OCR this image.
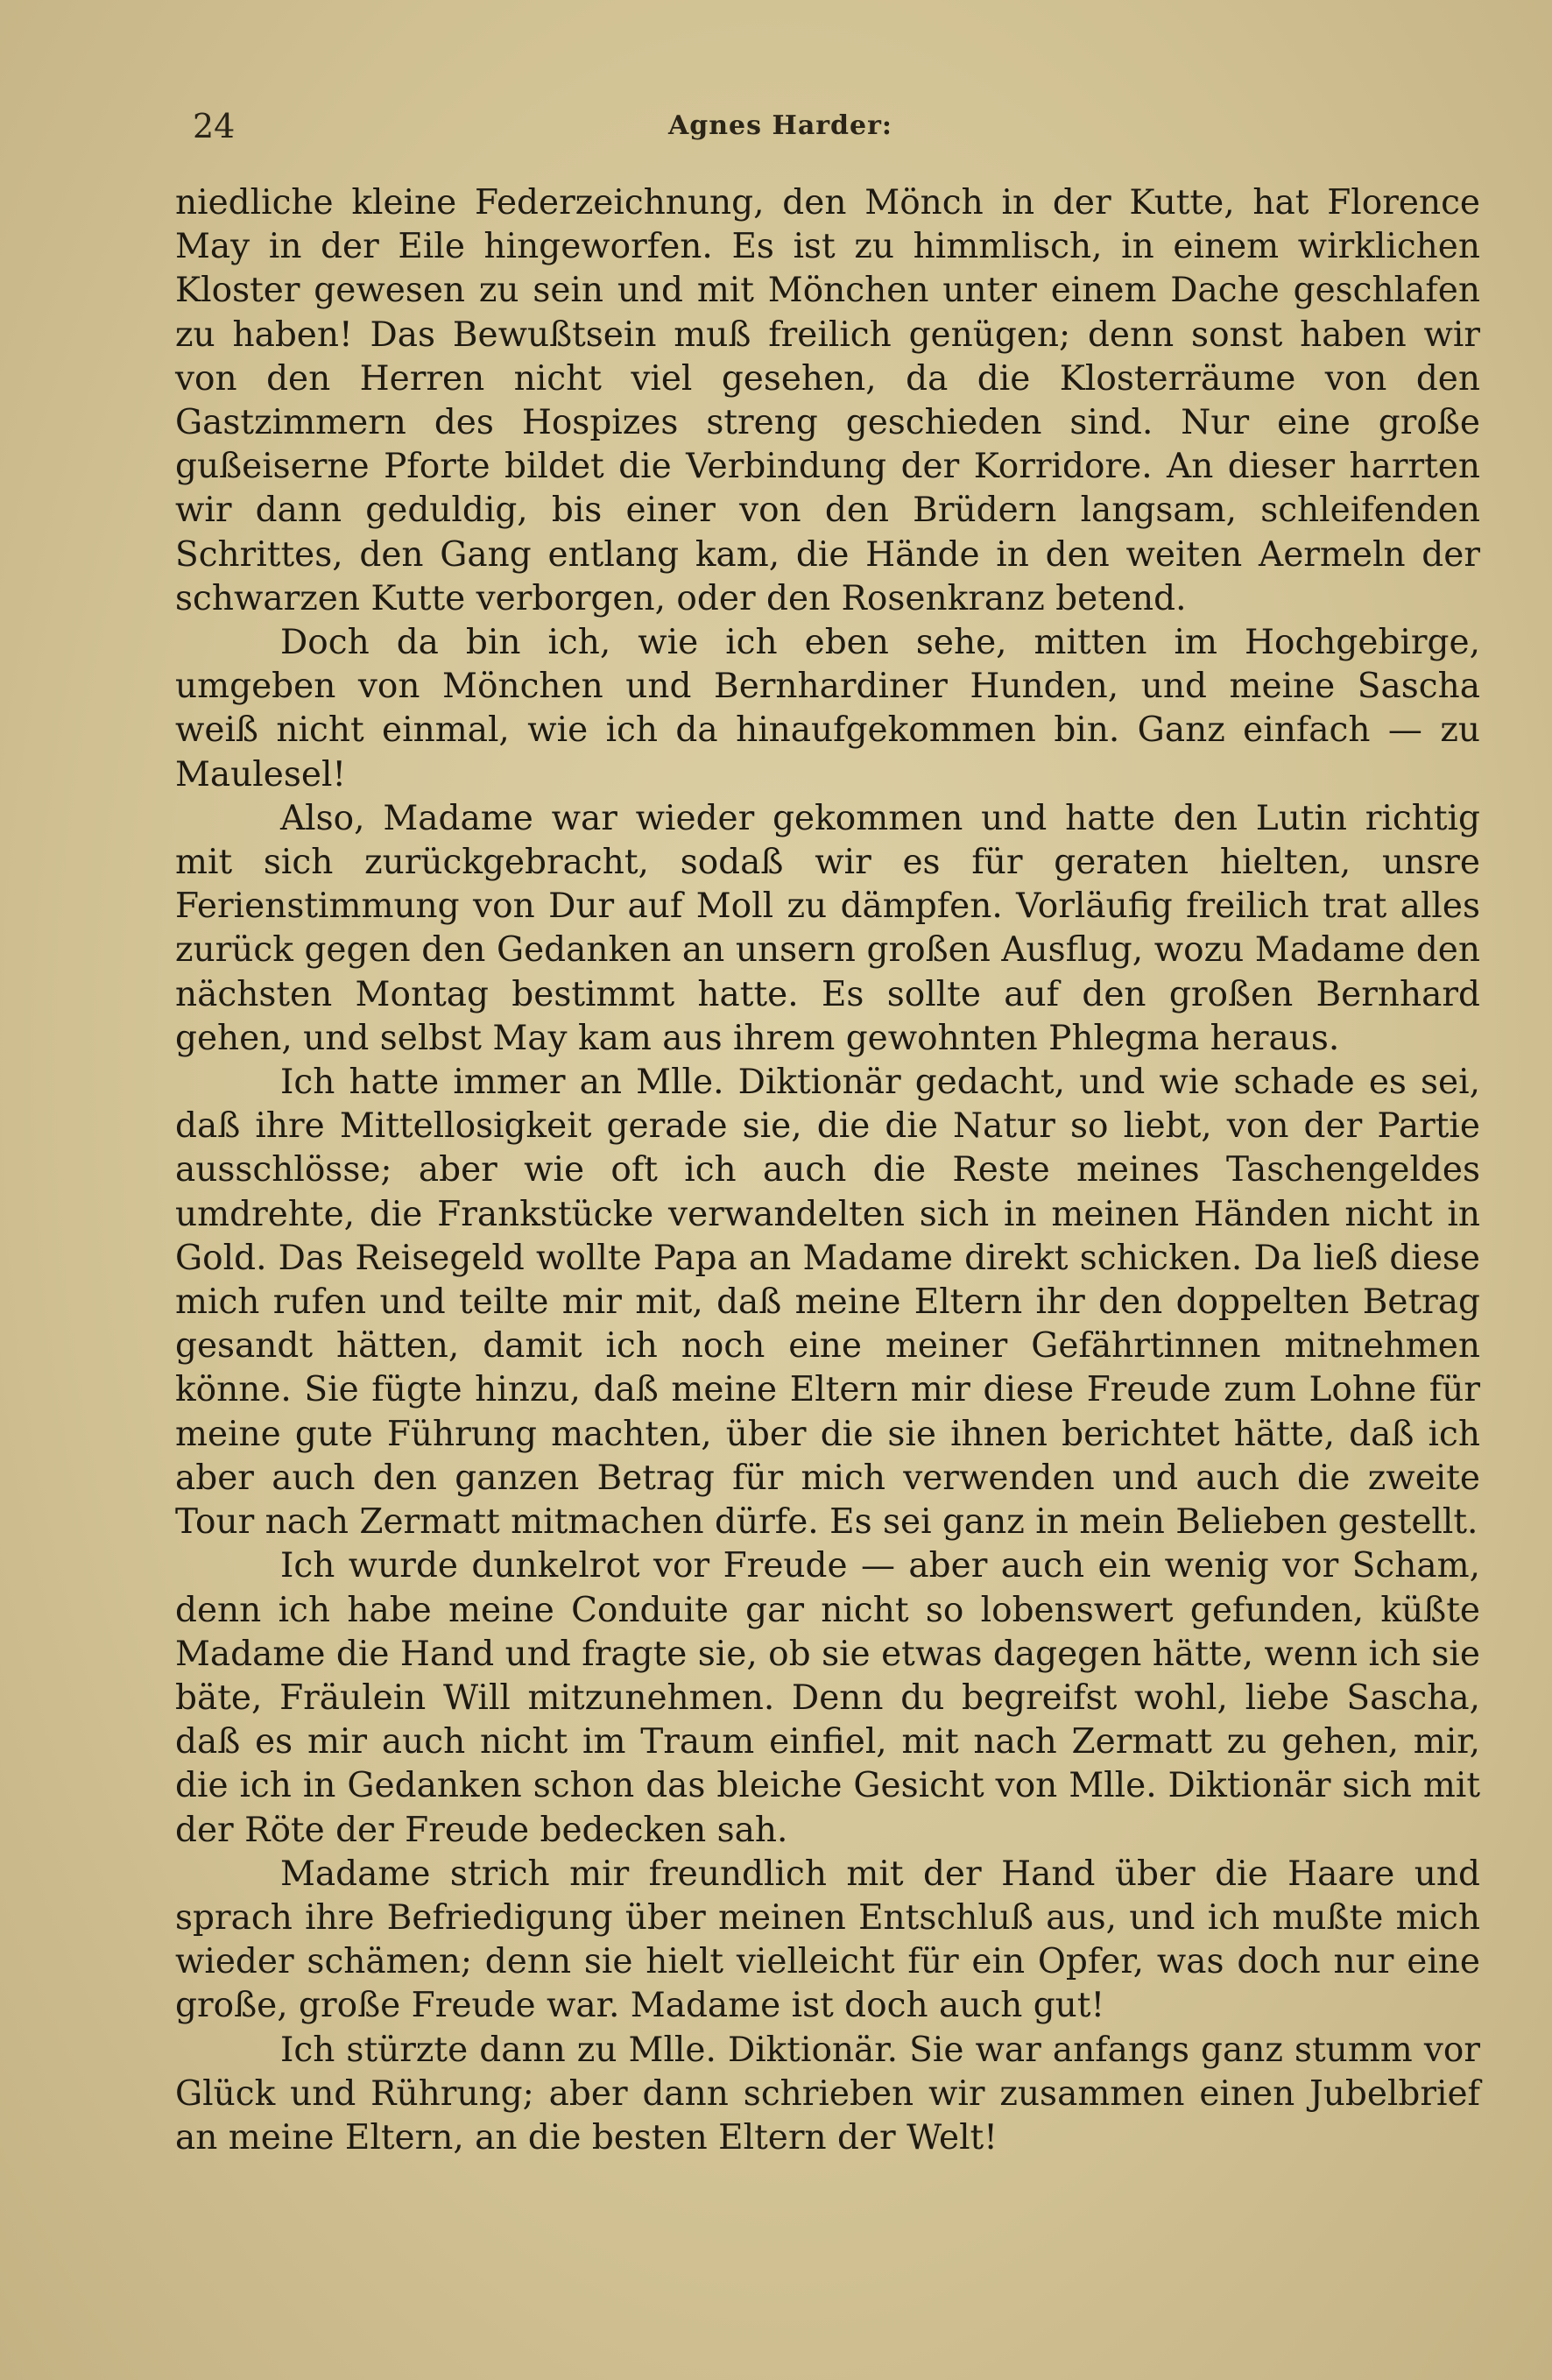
24	Agnes Harder:

niedliche kleine Federzeichnung, den Mönch in der Kutte, hat Florence May in der Eile hingeworfen. Es ist zu himmlisch, in einem wirklichen Kloster gewesen zu sein und mit Mönchen unter einem Dache geschlafen zu haben! Das Bewußtsein muß freilich genügen; denn sonst haben wir von den Herren nicht viel gesehen, da die Klosterräume von den Gastzimmern des Hospizes streng geschieden sind. Nur eine große gußeiserne Pforte bildet die Verbindung der Korridore. An dieser harrten wir dann geduldig, bis einer von den Brüdern langsam, schleifenden Schrittes, den Gang entlang kam, die Hände in den weiten Aermeln der schwarzen Kutte verborgen, oder den Rosenkranz betend.

Doch da bin ich, wie ich eben sehe, mitten im Hochgebirge, umgeben von Mönchen und Bernhardiner Hunden, und meine Sascha weiß nicht einmal, wie ich da hinaufgekommen bin. Ganz einfach — zu Maulesel!

Also, Madame war wieder gekommen und hatte den Lutin richtig mit sich zurückgebracht, sodaß wir es für geraten hielten, unsre Ferienstimmung von Dur auf Moll zu dämpfen. Vorläufig freilich trat alles zurück gegen den Gedanken an unsern großen Ausflug, wozu Madame den nächsten Montag bestimmt hatte. Es sollte auf den großen Bernhard gehen, und selbst May kam aus ihrem gewohnten Phlegma heraus.

Ich hatte immer an Mlle. Diktionär gedacht, und wie schade es sei, daß ihre Mittellosigkeit gerade sie, die die Natur so liebt, von der Partie ausschlösse; aber wie oft ich auch die Reste meines Taschengeldes umdrehte, die Frankstücke verwandelten sich in meinen Händen nicht in Gold. Das Reisegeld wollte Papa an Madame direkt schicken. Da ließ diese mich rufen und teilte mir mit, daß meine Eltern ihr den doppelten Betrag gesandt hätten, damit ich noch eine meiner Gefährtinnen mitnehmen könne. Sie fügte hinzu, daß meine Eltern mir diese Freude zum Lohne für meine gute Führung machten, über die sie ihnen berichtet hätte, daß ich aber auch den ganzen Betrag für mich verwenden und auch die zweite Tour nach Zermatt mitmachen dürfe. Es sei ganz in mein Belieben gestellt.

Ich wurde dunkelrot vor Freude — aber auch ein wenig vor Scham, denn ich habe meine Conduite gar nicht so lobenswert gefunden, küßte Madame die Hand und fragte sie, ob sie etwas dagegen hätte, wenn ich sie bäte, Fräulein Will mitzunehmen. Denn du begreifst wohl, liebe Sascha, daß es mir auch nicht im Traum einfiel, mit nach Zermatt zu gehen, mir, die ich in Gedanken schon das bleiche Gesicht von Mlle. Diktionär sich mit der Röte der Freude bedecken sah.

Madame strich mir freundlich mit der Hand über die Haare und sprach ihre Befriedigung über meinen Entschluß aus, und ich mußte mich wieder schämen; denn sie hielt vielleicht für ein Opfer, was doch nur eine große, große Freude war. Madame ist doch auch gut!

Ich stürzte dann zu Mlle. Diktionär. Sie war anfangs ganz stumm vor Glück und Rührung; aber dann schrieben wir zusammen einen Jubelbrief an meine Eltern, an die besten Eltern der Welt!
